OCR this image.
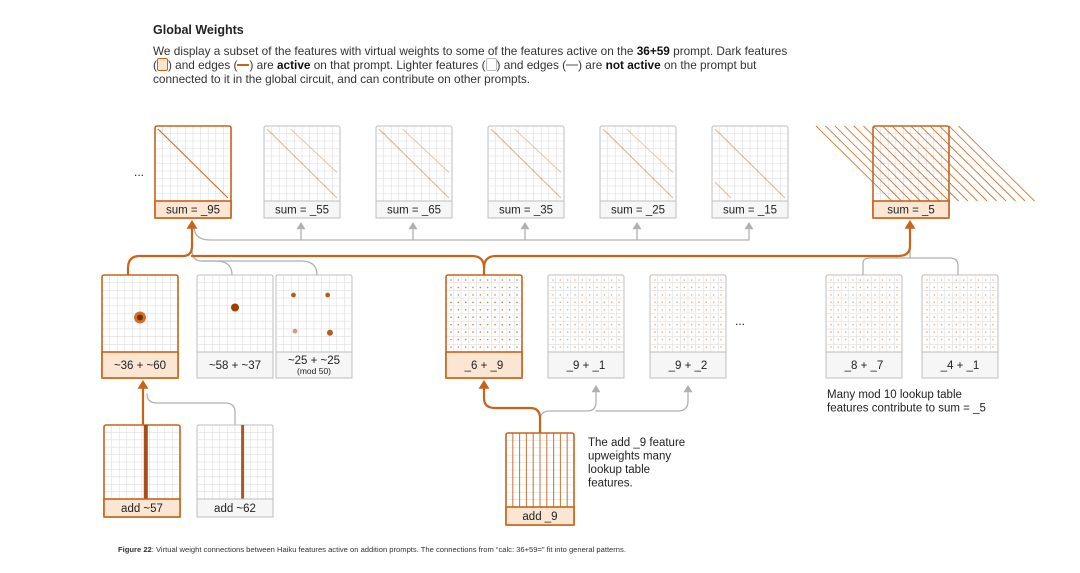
Global Weights
We display a subset of the features with virtual weights to some of the features active on the 36+59 prompt. Dark features ( ) and edges ( ) are active on that prompt. Lighter features ( ) and edges ( ) are not active on the prompt but connected to it in the global circuit, and can contribute on other prompts.
sum = _95	sum = _55	sum = _65	sum = _35	sum = _25	sum = _15	sum = _5
~36 + ~60	~58 + ~37 ~25 + ~25
(mod 50)	_6 + _9	_9 + _1	_9 + _2	_8 + _7	_4 + _1
add ~57	add ~62
add _9
...
...
Many mod 10 lookup table
features contribute to sum = _5
The add _9 feature
upweights many
lookup table
features.
Figure 22: Virtual weight connections between Haiku features active on addition prompts. The connections from “calc: 36+59=” fit into general patterns.
